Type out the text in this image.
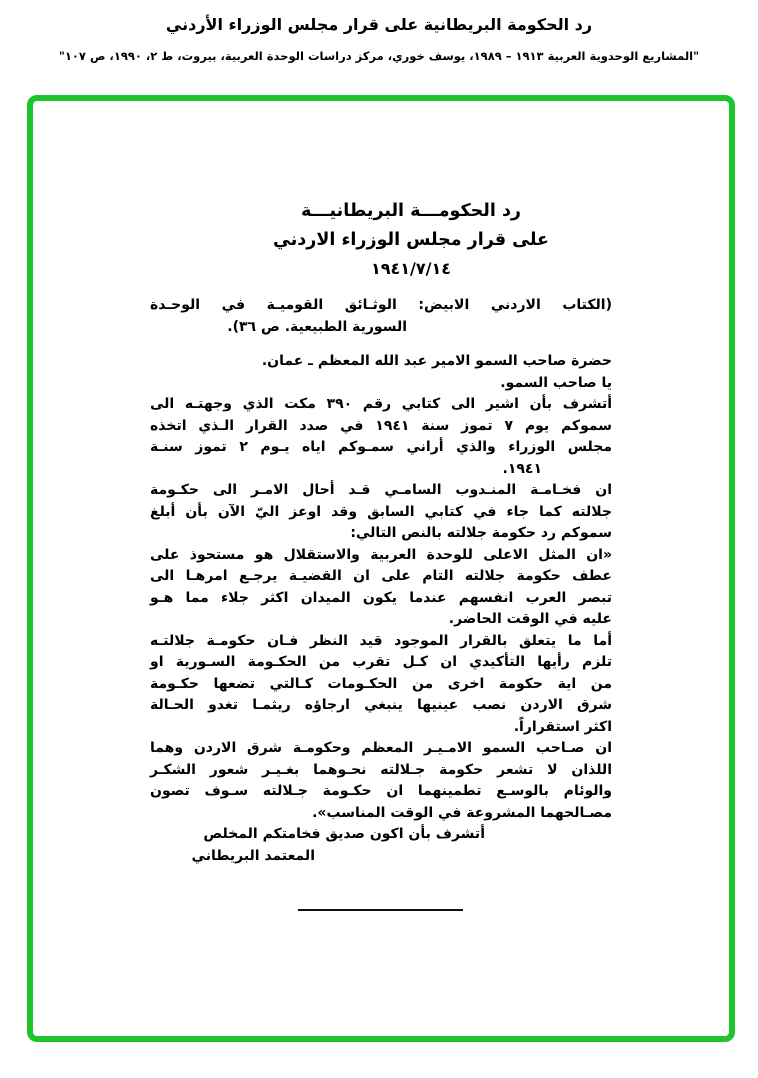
رد الحكومة البريطانية على قرار مجلس الوزراء الأردني
"المشاريع الوحدوية العربية ١٩١٣ – ١٩٨٩، يوسف خوري، مركز دراسات الوحدة العربية، بيروت، ط ٢، ١٩٩٠، ص ١٠٧"
رد الحكومـــة البريطانيـــة
على قرار مجلس الوزراء الاردني
١٩٤١/٧/١٤
(الكتاب الاردني الابيض: الوثـائق القوميـة في الوحـدة
السورية الطبيعية. ص ٣٦).
حضرة صاحب السمو الامير عبد الله المعظم ـ عمان.
يا صاحب السمو.
أتشرف بأن اشير الى كتابي رقم ٣٩٠ مكت الذي وجهتـه الى
سموكم يوم ٧ تموز سنة ١٩٤١ في صدد القرار الـذي اتخذه
مجلس الوزراء والذي أراني سمـوكم اياه يـوم ٢ تموز سنـة
١٩٤١.
ان فخـامـة المنـدوب السامـي قـد أحال الامـر الى حكـومة
جلالته كما جاء في كتابي السابق وقد اوعز اليّ الآن بأن أبلغ
سموكم رد حكومة جلالته بالنص التالي:
«ان المثل الاعلى للوحدة العربية والاستقلال هو مستحوذ على
عطف حكومة جلالته التام على ان القضيـة يرجـع امرهـا الى
تبصر العرب انفسهم عندما يكون الميدان اكثر جلاء مما هـو
عليه في الوقت الحاضر.
أما ما يتعلق بالقرار الموجود قيد النظر فـان حكومـة جلالتـه
تلزم رأيها التأكيدي ان كـل تقرب من الحكـومة السـورية او
من اية حكومة اخرى من الحكـومات كـالتي تضعها حكـومة
شرق الاردن نصب عينيها ينبغي ارجاؤه ريثمـا تغدو الحـالة
اكثر استقراراً.
ان صـاحب السمو الامـيـر المعظم وحكومـة شرق الاردن وهما
اللذان لا تشعر حكومة جـلالته نحـوهما بغـيـر شعور الشكـر
والوئام بالوسـع تطمينهما ان حكـومة جـلالته سـوف تصون
مصـالحهما المشروعة في الوقت المناسب».
أتشرف بأن اكون صديق فخامتكم المخلص
المعتمد البريطاني
